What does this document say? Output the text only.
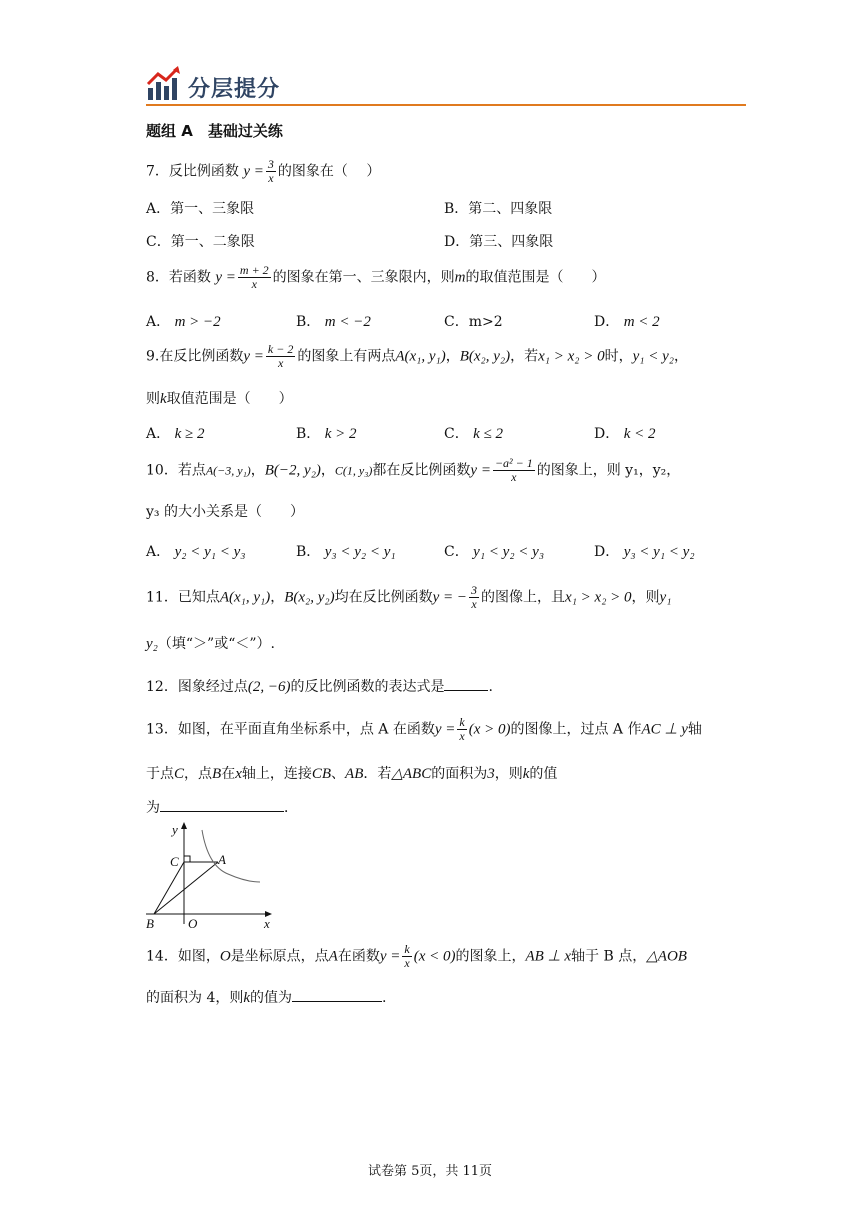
分层提分
题组 A　基础过关练
7．反比例函数 $y = \frac{3}{x}$ 的图象在（　 ）
A．第一、三象限	B．第二、四象限
C．第一、二象限	D．第三、四象限
8．若函数 $y = \frac{m + 2}{x}$ 的图象在第一、三象限内，则m的取值范围是（　　）
A． m > −2	B． m < −2	C．m>2	D． m < 2
9.在反比例函数$y = \frac{k - 2}{x}$ 的图象上有两点A(x₁, y₁)，B(x₂, y₂)，若x₁ > x₂ > 0时，y₁ < y₂，
则k取值范围是（　　）
A． k ≥ 2	B． k > 2	C． k ≤ 2	D． k < 2
10．若点A(−3, y₁)，B(−2, y₂)，C(1, y₃)都在反比例函数$y = \frac{\text{−a² − 1}}{x}$ 的图象上，则 y₁，y₂，
y₃ 的大小关系是（　　）
A． y₂ < y₁ < y₃	B． y₃ < y₂ < y₁	C． y₁ < y₂ < y₃	D． y₃ < y₁ < y₂
11．已知点A(x₁, y₁)，B(x₂, y₂)均在反比例函数y = − $\frac{3}{x}$ 的图像上，且x₁ > x₂ > 0，则y₁
y₂（填“＞”或“＜”）.
12．图象经过点(2, −6)的反比例函数的表达式是	.
13．如图，在平面直角坐标系中，点 A 在函数$y = \frac{k}{x} (x > 0)$的图像上，过点 A 作AC ⊥ y轴
于点C，点B在x轴上，连接CB、AB．若△ABC的面积为3，则k的值
为	．
y
x
C	A
B	O
14．如图，O是坐标原点，点A在函数$y = \frac{k}{x} (x < 0)$的图象上，AB ⊥ x轴于 B 点，△AOB
的面积为 4，则k的值为	.
试卷第 5页，共 11页
